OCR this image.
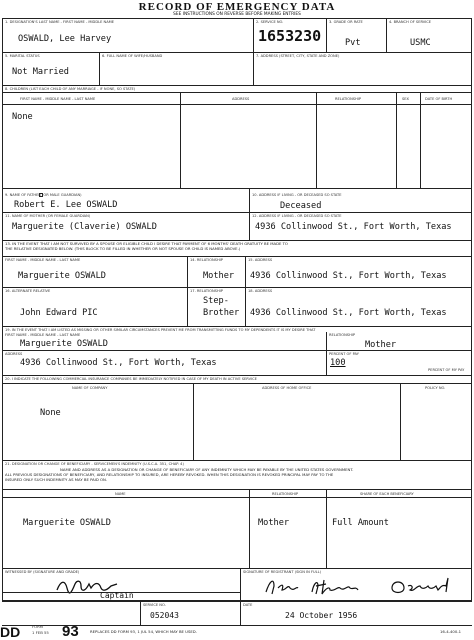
RECORD OF EMERGENCY DATA
SEE INSTRUCTIONS ON REVERSE BEFORE MAKING ENTRIES
1. DESIGNATION'S LAST NAME - FIRST NAME - MIDDLE NAME
OSWALD, Lee Harvey
2. SERVICE NO.
1653230
3. GRADE OR RATE
Pvt
4. BRANCH OF SERVICE
USMC
5. MARITAL STATUS
Not Married
6. FULL NAME OF WIFE/HUSBAND	7. ADDRESS (STREET, CITY, STATE AND ZONE)
8. CHILDREN (LIST EACH CHILD OF ANY MARRIAGE - IF NONE, SO STATE)
FIRST NAME - MIDDLE NAME - LAST NAME	ADDRESS	RELATIONSHIP	SEX	DATE OF BIRTH
None
9. NAME OF FATHER (OR MALE GUARDIAN)
Robert E. Lee OSWALD
10. ADDRESS IF LIVING - OR DECEASED SO STATE
Deceased
11. NAME OF MOTHER (OR FEMALE GUARDIAN)
Marguerite (Claverie) OSWALD
12. ADDRESS IF LIVING - OR DECEASED SO STATE
4936 Collinwood St., Fort Worth, Texas
13. IN THE EVENT THAT I AM NOT SURVIVED BY A SPOUSE OR ELIGIBLE CHILD I DESIRE THAT PAYMENT OF 6 MONTHS' DEATH GRATUITY BE MADE TO
THE RELATIVE DESIGNATED BELOW. (THIS BLOCK TO BE FILLED IN WHETHER OR NOT SPOUSE OR CHILD IS NAMED ABOVE.)
FIRST NAME - MIDDLE NAME - LAST NAME
Marguerite OSWALD
14. RELATIONSHIP
Mother
15. ADDRESS
4936 Collinwood St., Fort Worth, Texas
16. ALTERNATE RELATIVE
John Edward PIC
17. RELATIONSHIP
Step-
Brother
18. ADDRESS
4936 Collinwood St., Fort Worth, Texas
19. IN THE EVENT THAT I AM LISTED AS MISSING OR OTHER SIMILAR CIRCUMSTANCES PREVENT ME FROM TRANSMITTING FUNDS TO MY DEPENDENTS IT IS MY DESIRE THAT
FIRST NAME - MIDDLE NAME - LAST NAME
Marguerite OSWALD
RELATIONSHIP
Mother
ADDRESS
4936 Collinwood St., Fort Worth, Texas
PERCENT OF PAY
100
PERCENT OF MY PAY
20. I INDICATE THE FOLLOWING COMMERCIAL INSURANCE COMPANIES BE IMMEDIATELY NOTIFIED IN CASE OF MY DEATH IN ACTIVE SERVICE
NAME OF COMPANY	ADDRESS OF HOME OFFICE	POLICY NO.
None
21. DESIGNATION OR CHANGE OF BENEFICIARY - SERVICEMEN'S INDEMNITY (U.S.C.A. 351, CHAP. 4)
NAME AND ADDRESS AS A DESIGNATION OR CHANGE OF BENEFICIARY OF ANY INDEMNITY WHICH MAY BE PAYABLE BY THE UNITED STATES GOVERNMENT.
ALL PREVIOUS DESIGNATIONS OF BENEFICIARY, AND RELATIONSHIP TO INSURED, ARE HEREBY REVOKED. WHEN THIS DESIGNATION IS REVOKED PRINCIPAL MAY PAY TO THE
INSURED ONLY SUCH INDEMNITY AS MAY BE PAID ON.
NAME	RELATIONSHIP	SHARE OF EACH BENEFICIARY
Marguerite OSWALD	Mother	Full Amount
WITNESSED BY (SIGNATURE AND GRADE)
Captain
SIGNATURE OF REGISTRANT (SIGN IN FULL)
SERVICE NO.
052043
DATE
24 October 1956
DD	FORM
1 FEB 55 93	REPLACES DD FORM 93, 1 JUL 54, WHICH MAY BE USED.	16-4-400-1
